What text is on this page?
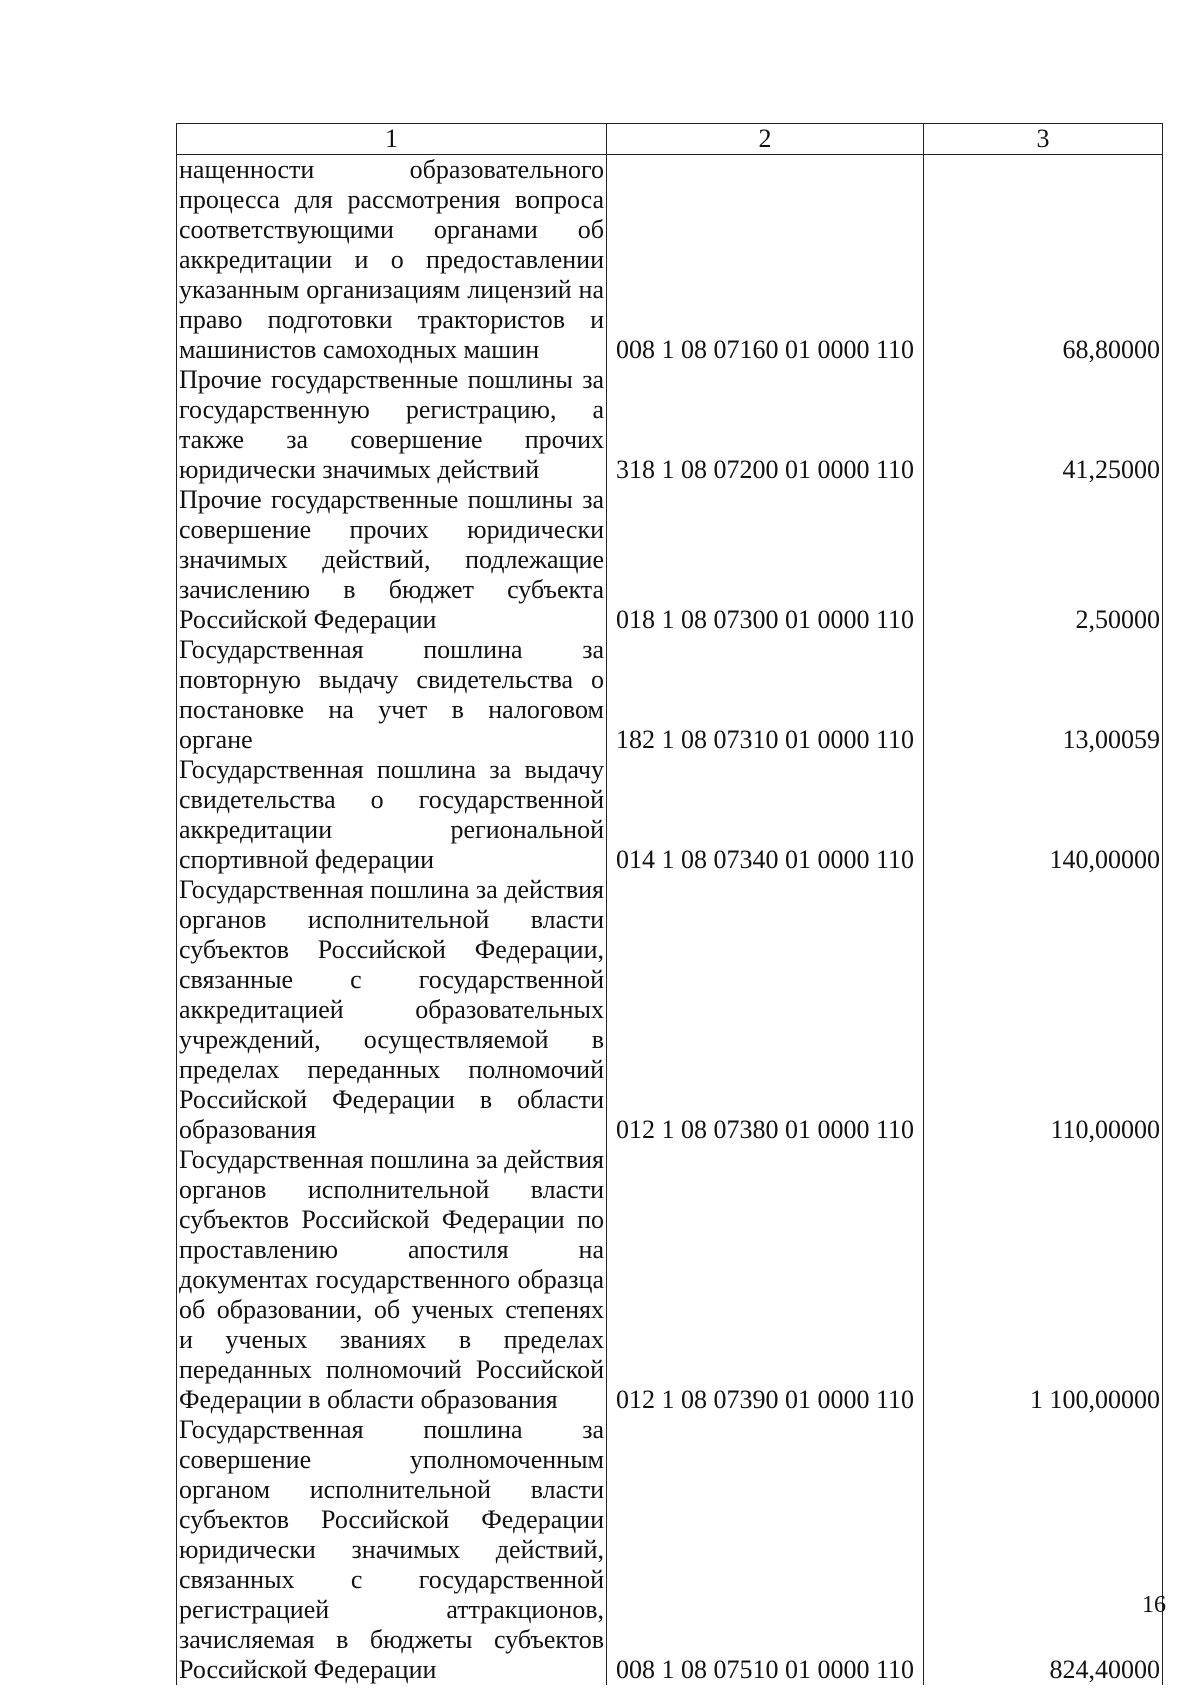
1	2	3
нащенности образовательного процесса для рассмотрения вопроса соответствующими органами об аккредитации и о предоставлении указанным организациям лицензий на право подготовки трактористов и машинистов самоходных машин	008 1 08 07160 01 0000 110	68,80000
Прочие государственные пошлины за государственную регистрацию, а также за совершение прочих юридически значимых действий	318 1 08 07200 01 0000 110	41,25000
Прочие государственные пошлины за совершение прочих юридически значимых действий, подлежащие зачислению в бюджет субъекта Российской Федерации	018 1 08 07300 01 0000 110	2,50000
Государственная пошлина за повторную выдачу свидетельства о постановке на учет в налоговом органе	182 1 08 07310 01 0000 110	13,00059
Государственная пошлина за выдачу свидетельства о государственной аккредитации региональной спортивной федерации	014 1 08 07340 01 0000 110	140,00000
Государственная пошлина за действия органов исполнительной власти субъектов Российской Федерации, связанные с государственной аккредитацией образовательных учреждений, осуществляемой в пределах переданных полномочий Российской Федерации в области образования	012 1 08 07380 01 0000 110	110,00000
Государственная пошлина за действия органов исполнительной власти субъектов Российской Федерации по проставлению апостиля на документах государственного образца об образовании, об ученых степенях и ученых званиях в пределах переданных полномочий Российской Федерации в области образования	012 1 08 07390 01 0000 110	1 100,00000
Государственная пошлина за совершение уполномоченным органом исполнительной власти субъектов Российской Федерации юридически значимых действий, связанных с государственной регистрацией аттракционов, зачисляемая в бюджеты субъектов Российской Федерации	008 1 08 07510 01 0000 110	824,40000
16
